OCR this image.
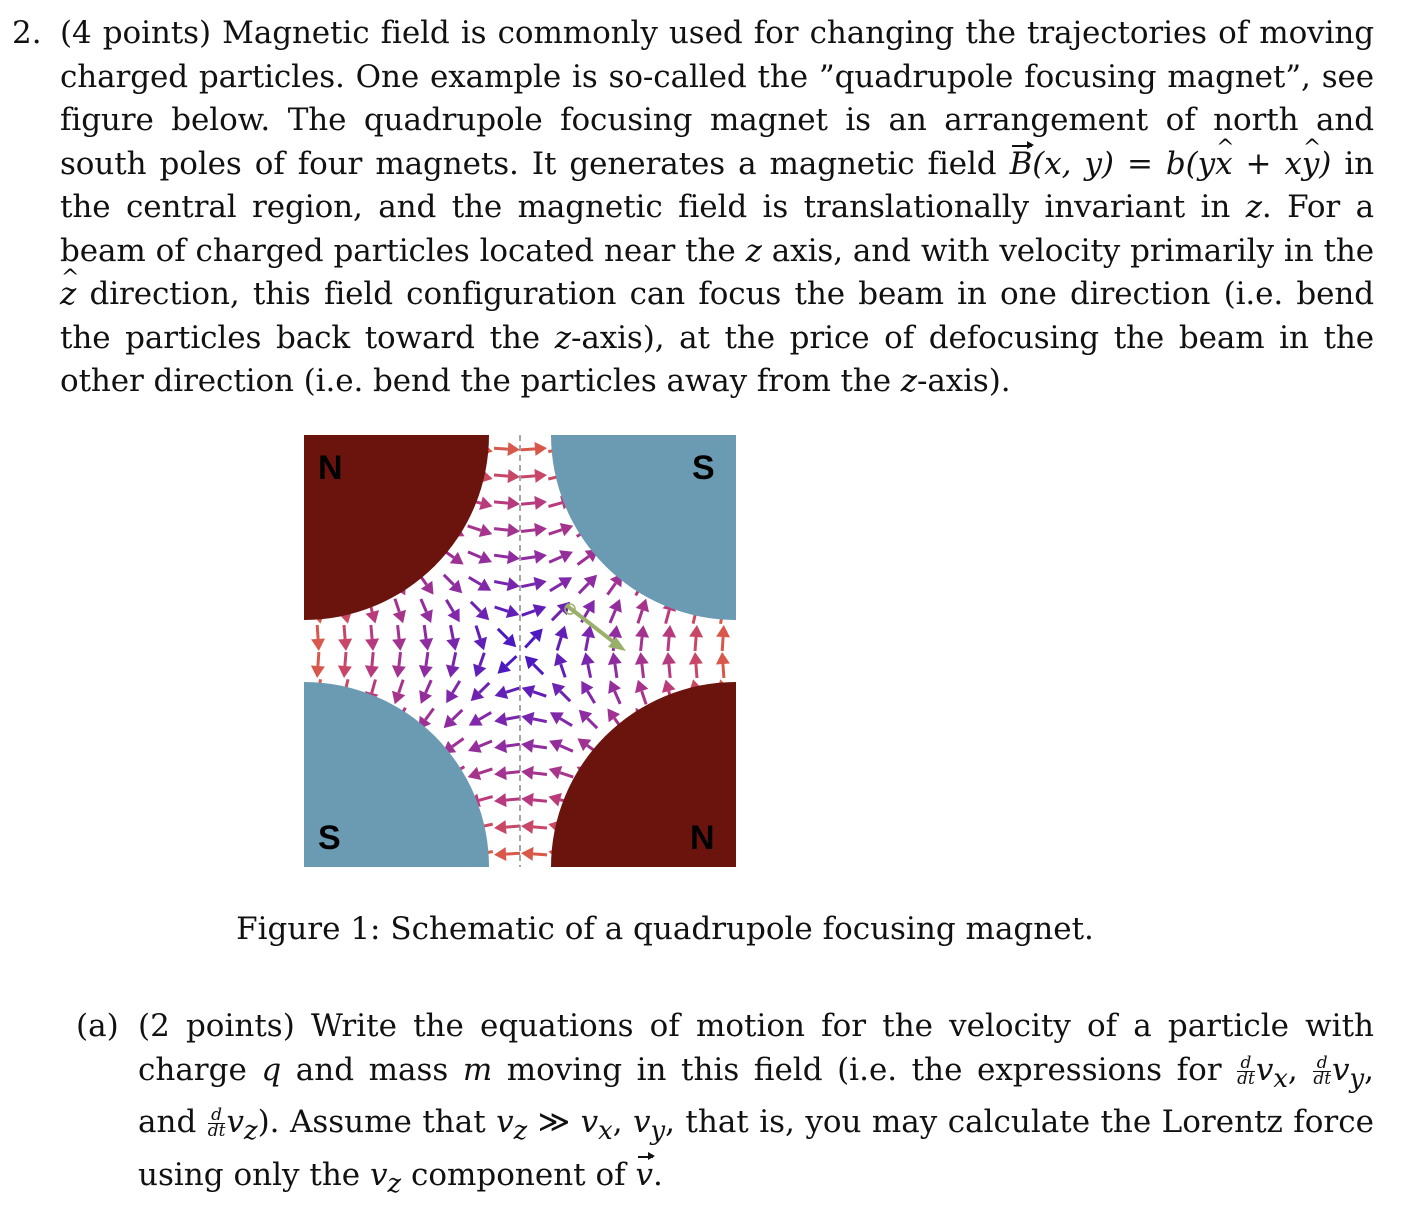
2. (4 points) Magnetic field is commonly used for changing the trajectories of moving charged particles. One example is so-called the ”quadrupole focusing magnet”, see figure below. The quadrupole focusing magnet is an arrangement of north and south poles of four magnets. It generates a magnetic field B(x, y) = b(y^ x + x^ y) in the central region, and the magnetic field is translationally invariant in z. For a beam of charged particles located near the z axis, and with velocity primarily in the ^ z direction, this field configuration can focus the beam in one direction (i.e. bend the particles back toward the z-axis), at the price of defocusing the beam in the other direction (i.e. bend the particles away from the z-axis).
N	S
S	N
Figure 1: Schematic of a quadrupole focusing magnet.
(a) (2 points) Write the equations of motion for the velocity of a particle with charge q and mass m moving in this field (i.e. the expressions for $\frac{d}{dt} v_x$, $\frac{d}{dt} v_y$, and $\frac{d}{dt} v_z$). Assume that $v_z$ ≫ $v_x$, $v_y$, that is, you may calculate the Lorentz force using only the $v_z$ component of v.
